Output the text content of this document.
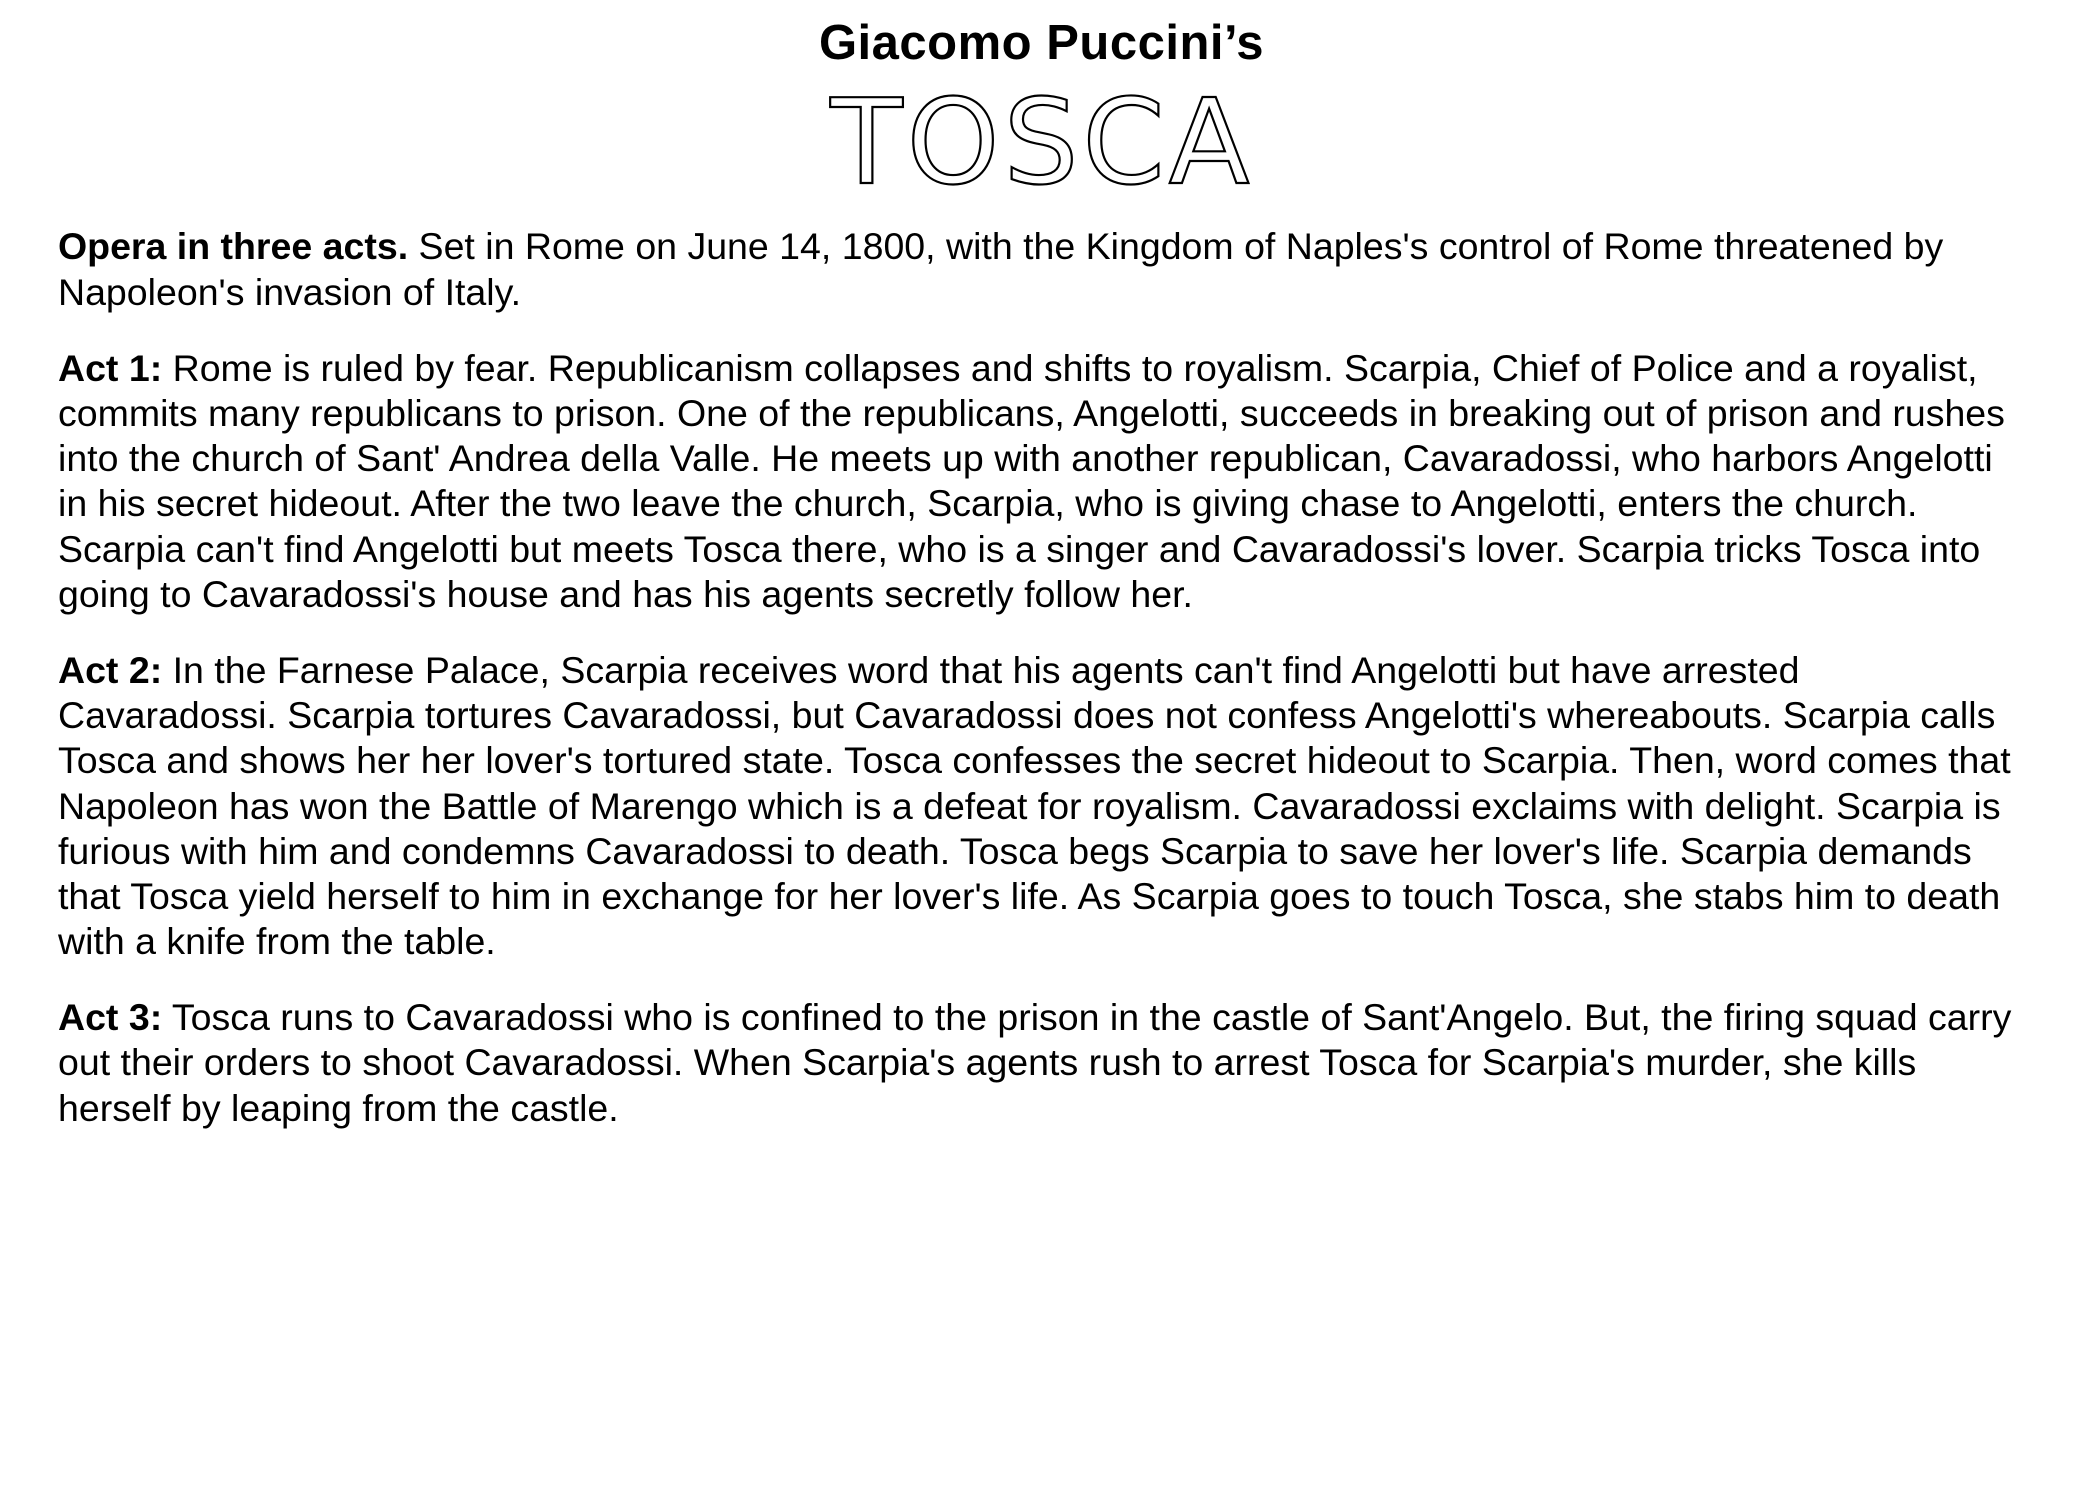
Giacomo Puccini’s
TOSCA

Opera in three acts. Set in Rome on June 14, 1800, with the Kingdom of Naples's control of Rome threatened by Napoleon's invasion of Italy.

Act 1: Rome is ruled by fear. Republicanism collapses and shifts to royalism. Scarpia, Chief of Police and a royalist, commits many republicans to prison. One of the republicans, Angelotti, succeeds in breaking out of prison and rushes into the church of Sant' Andrea della Valle. He meets up with another republican, Cavaradossi, who harbors Angelotti in his secret hideout. After the two leave the church, Scarpia, who is giving chase to Angelotti, enters the church. Scarpia can't find Angelotti but meets Tosca there, who is a singer and Cavaradossi's lover. Scarpia tricks Tosca into going to Cavaradossi's house and has his agents secretly follow her.

Act 2: In the Farnese Palace, Scarpia receives word that his agents can't find Angelotti but have arrested Cavaradossi. Scarpia tortures Cavaradossi, but Cavaradossi does not confess Angelotti's whereabouts. Scarpia calls Tosca and shows her her lover's tortured state. Tosca confesses the secret hideout to Scarpia. Then, word comes that Napoleon has won the Battle of Marengo which is a defeat for royalism. Cavaradossi exclaims with delight. Scarpia is furious with him and condemns Cavaradossi to death. Tosca begs Scarpia to save her lover's life. Scarpia demands that Tosca yield herself to him in exchange for her lover's life. As Scarpia goes to touch Tosca, she stabs him to death with a knife from the table.

Act 3: Tosca runs to Cavaradossi who is confined to the prison in the castle of Sant'Angelo. But, the firing squad carry out their orders to shoot Cavaradossi. When Scarpia's agents rush to arrest Tosca for Scarpia's murder, she kills herself by leaping from the castle.
